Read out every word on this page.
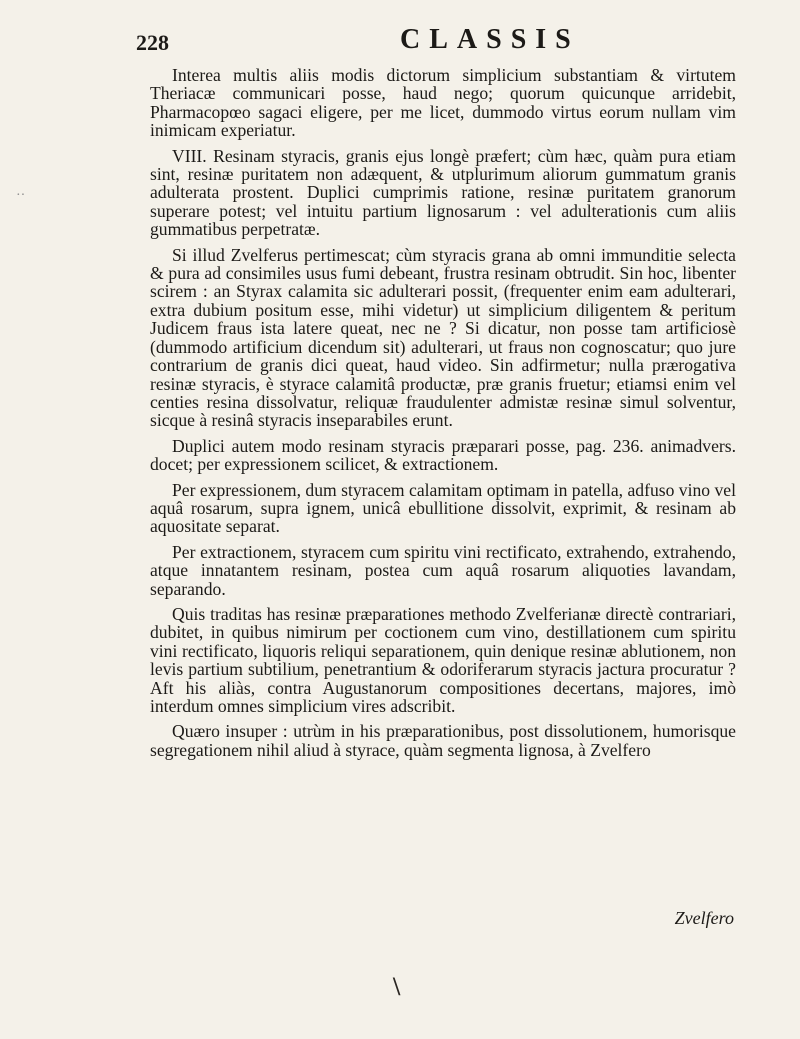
228	CLASSIS
··

Interea multis aliis modis dictorum simplicium substantiam & virtutem Theriacæ communicari posse, haud nego; quorum quicunque arridebit, Pharmacopœo sagaci eligere, per me licet, dummodo virtus eorum nullam vim inimicam experiatur.

VIII. Resinam styracis, granis ejus longè præfert; cùm hæc, quàm pura etiam sint, resinæ puritatem non adæquent, & utplurimum aliorum gummatum granis adulterata prostent. Duplici cumprimis ratione, resinæ puritatem granorum superare potest; vel intuitu partium lignosarum : vel adulterationis cum aliis gummatibus perpetratæ.

Si illud Zvelferus pertimescat; cùm styracis grana ab omni immunditie selecta & pura ad consimiles usus fumi debeant, frustra resinam obtrudit. Sin hoc, libenter scirem : an Styrax calamita sic adulterari possit, (frequenter enim eam adulterari, extra dubium positum esse, mihi videtur) ut simplicium diligentem & peritum Judicem fraus ista latere queat, nec ne ? Si dicatur, non posse tam artificiosè (dummodo artificium dicendum sit) adulterari, ut fraus non cognoscatur; quo jure contrarium de granis dici queat, haud video. Sin adfirmetur; nulla prærogativa resinæ styracis, è styrace calamitâ productæ, præ granis fruetur; etiamsi enim vel centies resina dissolvatur, reliquæ fraudulenter admistæ resinæ simul solventur, sicque à resinâ styracis inseparabiles erunt.

Duplici autem modo resinam styracis præparari posse, pag. 236. animadvers. docet; per expressionem scilicet, & extractionem.

Per expressionem, dum styracem calamitam optimam in patella, adfuso vino vel aquâ rosarum, supra ignem, unicâ ebullitione dissolvit, exprimit, & resinam ab aquositate separat.

Per extractionem, styracem cum spiritu vini rectificato, extrahendo, extrahendo, atque innatantem resinam, postea cum aquâ rosarum aliquoties lavandam, separando.

Quis traditas has resinæ præparationes methodo Zvelferianæ directè contrariari, dubitet, in quibus nimirum per coctionem cum vino, destillationem cum spiritu vini rectificato, liquoris reliqui separationem, quin denique resinæ ablutionem, non levis partium subtilium, penetrantium & odoriferarum styracis jactura procuratur ? Aft his aliàs, contra Augustanorum compositiones decertans, majores, imò interdum omnes simplicium vires adscribit.

Quæro insuper : utrùm in his præparationibus, post dissolutionem, humorisque segregationem nihil aliud à styrace, quàm segmenta lignosa, à Zvelfero

Zvelfero
\
